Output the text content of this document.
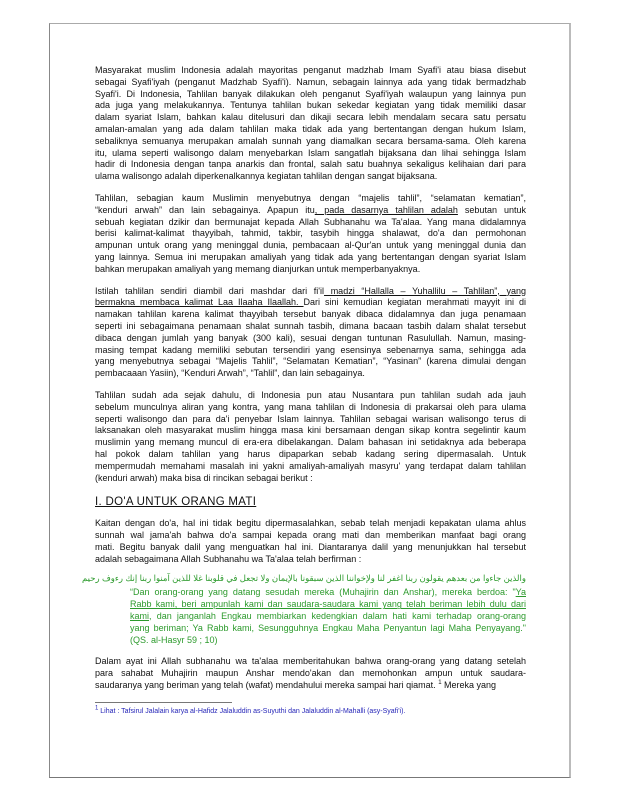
Masyarakat muslim Indonesia adalah mayoritas penganut madzhab Imam Syafi'i atau biasa disebut
sebagai Syafi'iyah (penganut Madzhab Syafi'i). Namun, sebagain lainnya ada yang tidak bermadzhab
Syafi'i. Di Indonesia, Tahlilan banyak dilakukan oleh penganut Syafi'iyah walaupun yang lainnya pun
ada juga yang melakukannya. Tentunya tahlilan bukan sekedar kegiatan yang tidak memiliki dasar
dalam syariat Islam, bahkan kalau ditelusuri dan dikaji secara lebih mendalam secara satu persatu
amalan-amalan yang ada dalam tahlilan maka tidak ada yang bertentangan dengan hukum Islam,
sebaliknya semuanya merupakan amalah sunnah yang diamalkan secara bersama-sama. Oleh karena
itu, ulama seperti walisongo dalam menyebarkan Islam sangatlah bijaksana dan lihai sehingga Islam
hadir di Indonesia dengan tanpa anarkis dan frontal, salah satu buahnya sekaligus kelihaian dari para
ulama walisongo adalah diperkenalkannya kegiatan tahlilan dengan sangat bijaksana.
Tahlilan, sebagian kaum Muslimin menyebutnya dengan “majelis tahlil”, “selamatan kematian”,
“kenduri arwah” dan lain sebagainya. Apapun itu, pada dasarnya tahlilan adalah sebutan untuk
sebuah kegiatan dzikir dan bermunajat kepada Allah Subhanahu wa Ta'alaa. Yang mana didalamnya
berisi kalimat-kalimat thayyibah, tahmid, takbir, tasybih hingga shalawat, do'a dan permohonan
ampunan untuk orang yang meninggal dunia, pembacaan al-Qur'an untuk yang meninggal dunia dan
yang lainnya. Semua ini merupakan amaliyah yang tidak ada yang bertentangan dengan syariat Islam
bahkan merupakan amaliyah yang memang dianjurkan untuk memperbanyaknya.
Istilah tahlilan sendiri diambil dari mashdar dari fi'il madzi “Hallalla – Yuhallilu – Tahlilan”, yang
bermakna membaca kalimat Laa Ilaaha Ilaallah. Dari sini kemudian kegiatan merahmati mayyit ini di
namakan tahlilan karena kalimat thayyibah tersebut banyak dibaca didalamnya dan juga penamaan
seperti ini sebagaimana penamaan shalat sunnah tasbih, dimana bacaan tasbih dalam shalat tersebut
dibaca dengan jumlah yang banyak (300 kali), sesuai dengan tuntunan Rasulullah. Namun, masing-
masing tempat kadang memiliki sebutan tersendiri yang esensinya sebenarnya sama, sehingga ada
yang menyebutnya sebagai “Majelis Tahlil”, “Selamatan Kematian”, “Yasinan” (karena dimulai dengan
pembacaaan Yasiin), “Kenduri Arwah”, “Tahlil”, dan lain sebagainya.
Tahlilan sudah ada sejak dahulu, di Indonesia pun atau Nusantara pun tahlilan sudah ada jauh
sebelum munculnya aliran yang kontra, yang mana tahlilan di Indonesia di prakarsai oleh para ulama
seperti walisongo dan para da'i penyebar Islam lainnya. Tahlilan sebagai warisan walisongo terus di
laksanakan oleh masyarakat muslim hingga masa kini bersamaan dengan sikap kontra segelintir kaum
muslimin yang memang muncul di era-era dibelakangan. Dalam bahasan ini setidaknya ada beberapa
hal pokok dalam tahlilan yang harus dipaparkan sebab kadang sering dipermasalah. Untuk
mempermudah memahami masalah ini yakni amaliyah-amaliyah masyru' yang terdapat dalam tahlilan
(kenduri arwah) maka bisa di rincikan sebagai berikut :
I. DO'A UNTUK ORANG MATI
Kaitan dengan do'a, hal ini tidak begitu dipermasalahkan, sebab telah menjadi kepakatan ulama ahlus
sunnah wal jama'ah bahwa do'a sampai kepada orang mati dan memberikan manfaat bagi orang
mati. Begitu banyak dalil yang menguatkan hal ini. Diantaranya dalil yang menunjukkan hal tersebut
adalah sebagaimana Allah Subhanahu wa Ta'alaa telah berfirman :
والذين جاءوا من بعدهم يقولون ربنا اغفر لنا ولإخواننا الذين سبقونا بالإيمان ولا تجعل في قلوبنا غلا للذين آمنوا ربنا إنك رءوف رحيم
“Dan orang-orang yang datang sesudah mereka (Muhajirin dan Anshar), mereka berdoa: "Ya
Rabb kami, beri ampunlah kami dan saudara-saudara kami yang telah beriman lebih dulu dari
kami, dan janganlah Engkau membiarkan kedengkian dalam hati kami terhadap orang-orang
yang beriman; Ya Rabb kami, Sesungguhnya Engkau Maha Penyantun lagi Maha Penyayang."
(QS. al-Hasyr 59 ; 10)
Dalam ayat ini Allah subhanahu wa ta'alaa memberitahukan bahwa orang-orang yang datang setelah
para sahabat Muhajirin maupun Anshar mendo'akan dan memohonkan ampun untuk saudara-
saudaranya yang beriman yang telah (wafat) mendahului mereka sampai hari qiamat. $^1$ Mereka yang
$^1$ Lihat : Tafsirul Jalalain karya al-Hafidz Jalaluddin as-Suyuthi dan Jalaluddin al-Mahalli (asy-Syafi'i).
